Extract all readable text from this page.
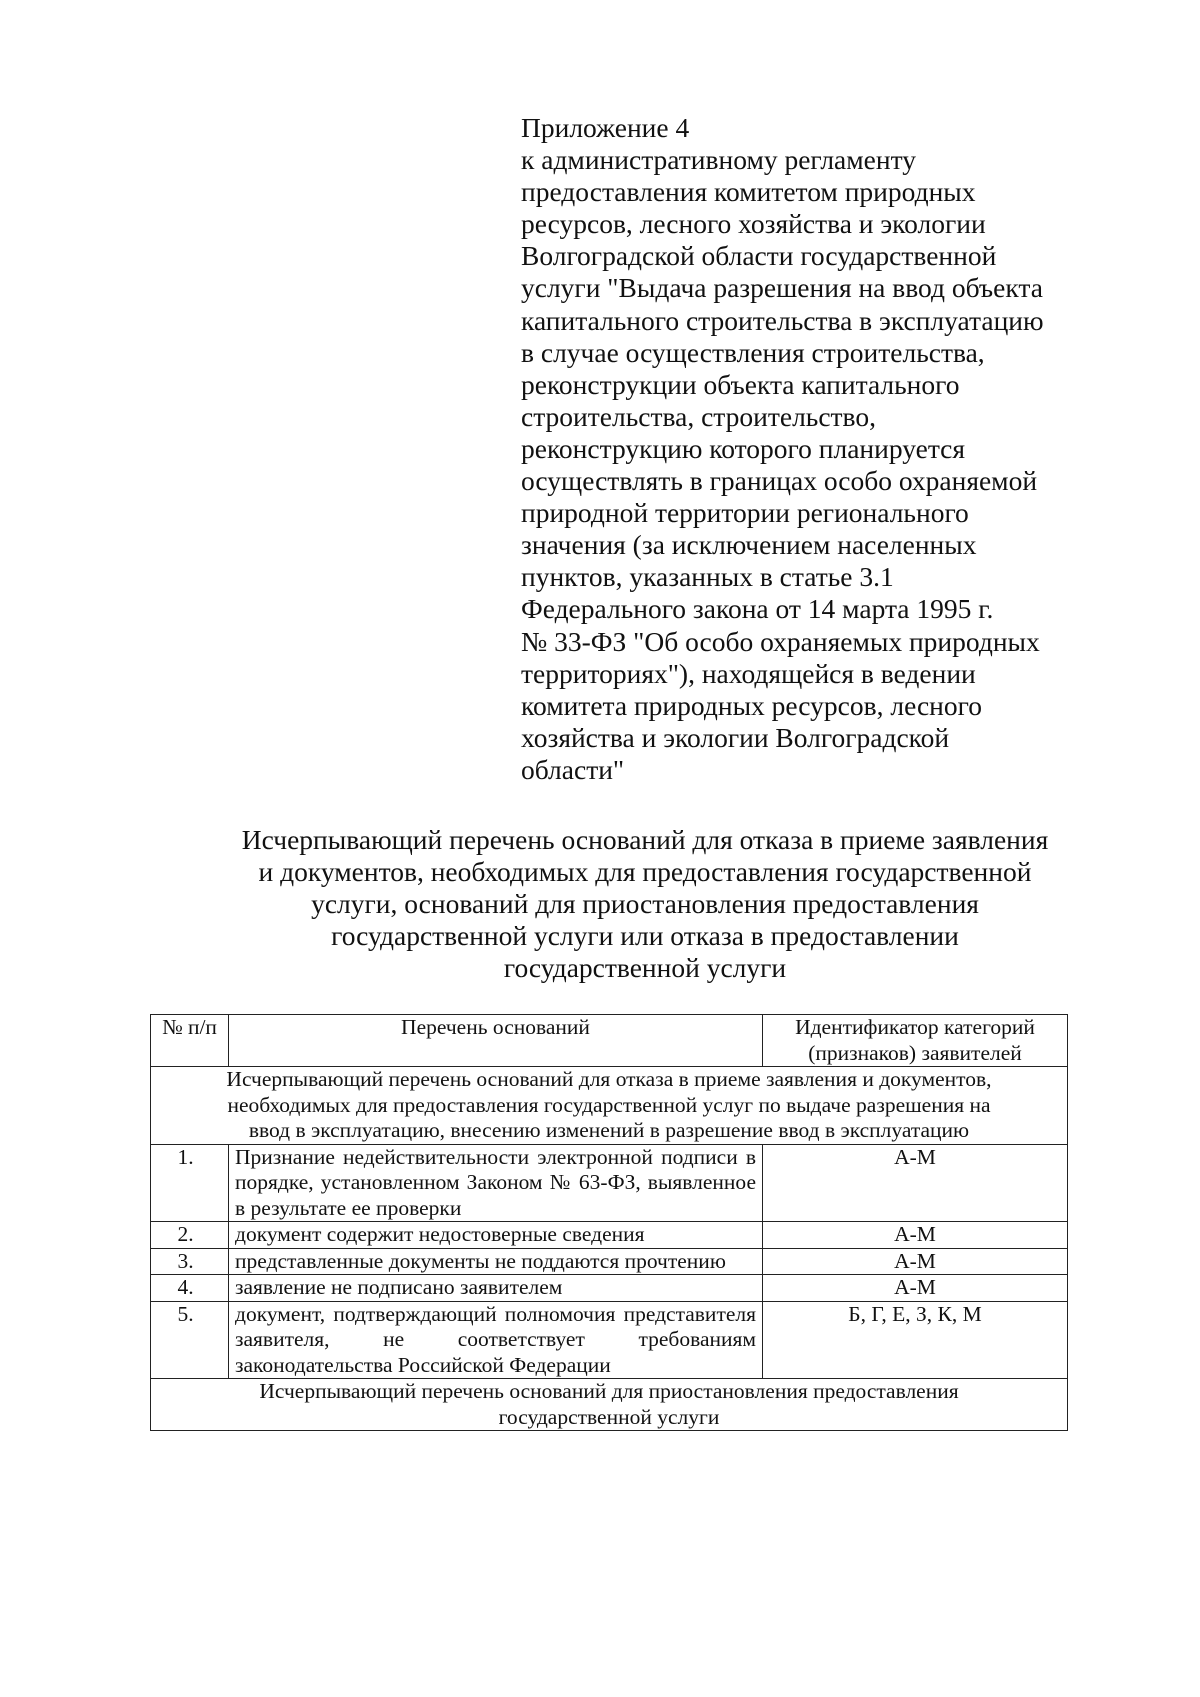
Приложение 4
к административному регламенту
предоставления комитетом природных
ресурсов, лесного хозяйства и экологии
Волгоградской области государственной
услуги "Выдача разрешения на ввод объекта
капитального строительства в эксплуатацию
в случае осуществления строительства,
реконструкции объекта капитального
строительства, строительство,
реконструкцию которого планируется
осуществлять в границах особо охраняемой
природной территории регионального
значения (за исключением населенных
пунктов, указанных в статье 3.1
Федерального закона от 14 марта 1995 г.
№ 33-ФЗ "Об особо охраняемых природных
территориях"), находящейся в ведении
комитета природных ресурсов, лесного
хозяйства и экологии Волгоградской
области"
Исчерпывающий перечень оснований для отказа в приеме заявления
и документов, необходимых для предоставления государственной
услуги, оснований для приостановления предоставления
государственной услуги или отказа в предоставлении
государственной услуги
№ п/п	Перечень оснований	Идентификатор категорий (признаков) заявителей

Исчерпывающий перечень оснований для отказа в приеме заявления и документов,
необходимых для предоставления государственной услуг по выдаче разрешения на
ввод в эксплуатацию, внесению изменений в разрешение ввод в эксплуатацию		

1.	Признание недействительности электронной подписи в порядке, установленном Законом № 63-ФЗ, выявленное в результате ее проверки	А-М
2.	документ содержит недостоверные сведения	А-М
3.	представленные документы не поддаются прочтению	А-М
4.	заявление не подписано заявителем	А-М
5.	документ, подтверждающий полномочия представителя заявителя, не соответствует требованиям законодательства Российской Федерации	Б, Г, Е, З, К, М

Исчерпывающий перечень оснований для приостановления предоставления
государственной услуги		
